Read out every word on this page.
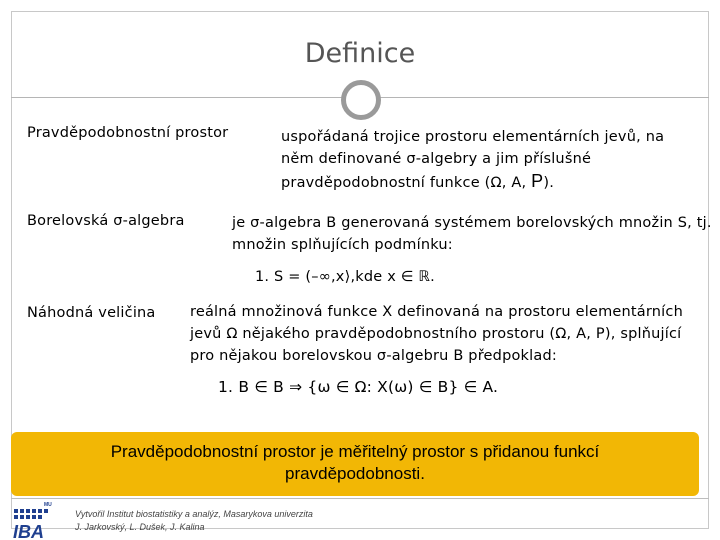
Definice
Pravděpodobnostní prostor	uspořádaná trojice prostoru elementárních jevů, na
něm definované σ-algebry a jim příslušné
pravděpodobnostní funkce (Ω, A, P).
Borelovská σ-algebra	je σ-algebra B generovaná systémem borelovských množin S, tj.
množin splňujících podmínku:
1. S = (–∞,x⟩,kde x ∈ ℝ.
Náhodná veličina reálná množinová funkce X definovaná na prostoru elementárních
jevů Ω nějakého pravděpodobnostního prostoru (Ω, A, P), splňující
pro nějakou borelovskou σ-algebru B předpoklad:
1. B ∈ B ⇒ {ω ∈ Ω: X(ω) ∈ B} ∈ A.
Pravděpodobnostní prostor je měřitelný prostor s přidanou funkcí
pravděpodobnosti.
MU
IBA
Vytvořil Institut biostatistiky a analýz, Masarykova univerzita
J. Jarkovský, L. Dušek, J. Kalina
